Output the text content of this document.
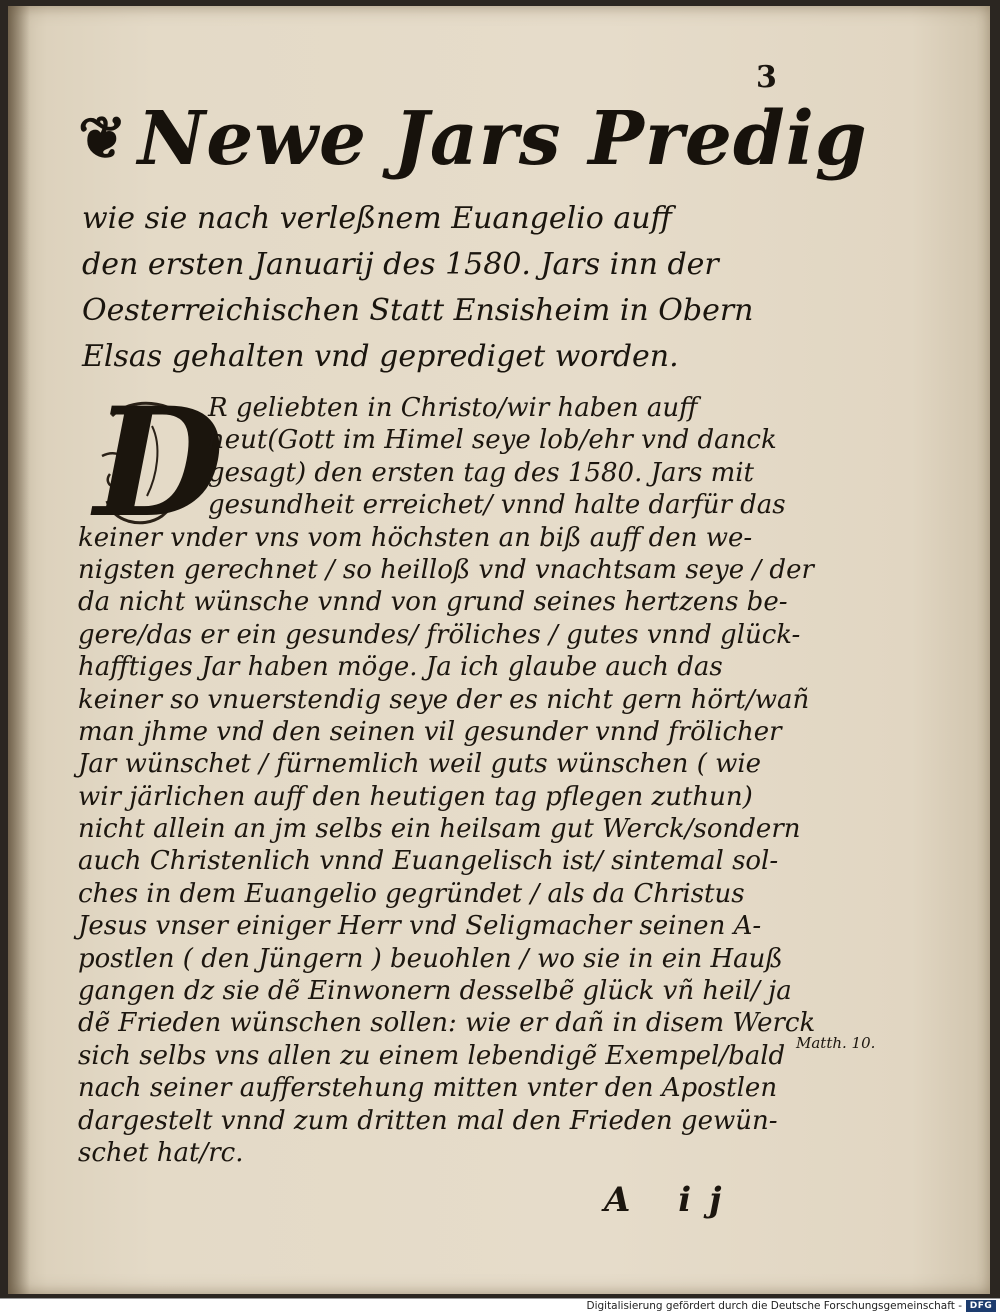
3
❦ Newe Jars Predig
wie sie nach verleßnem Euangelio auff
den ersten Januarij des 1580. Jars inn der
Oesterreichischen Statt Ensisheim in Obern
Elsas gehalten vnd geprediget worden.
D
R geliebten in Christo/wir haben auff
heut(Gott im Himel seye lob/ehr vnd danck
gesagt) den ersten tag des 1580. Jars mit
gesundheit erreichet/ vnnd halte darfür das
keiner vnder vns vom höchsten an biß auff den we-
nigsten gerechnet / so heilloß vnd vnachtsam seye / der
da nicht wünsche vnnd von grund seines hertzens be-
gere/das er ein gesundes/ fröliches / gutes vnnd glück-
hafftiges Jar haben möge. Ja ich glaube auch das
keiner so vnuerstendig seye der es nicht gern hört/wañ
man jhme vnd den seinen vil gesunder vnnd frölicher
Jar wünschet / fürnemlich weil guts wünschen ( wie
wir järlichen auff den heutigen tag pflegen zuthun)
nicht allein an jm selbs ein heilsam gut Werck/sondern
auch Christenlich vnnd Euangelisch ist/ sintemal sol-
ches in dem Euangelio gegründet / als da Christus
Jesus vnser einiger Herr vnd Seligmacher seinen A-
postlen ( den Jüngern ) beuohlen / wo sie in ein Hauß
gangen dz sie dẽ Einwonern desselbẽ glück vñ heil/ ja
dẽ Frieden wünschen sollen: wie er dañ in disem Werck
sich selbs vns allen zu einem lebendigẽ Exempel/bald
nach seiner aufferstehung mitten vnter den Apostlen
dargestelt vnnd zum dritten mal den Frieden gewün-
schet hat/rc.
Matth. 10.
A ij
Digitalisierung gefördert durch die Deutsche Forschungsgemeinschaft - DFG
